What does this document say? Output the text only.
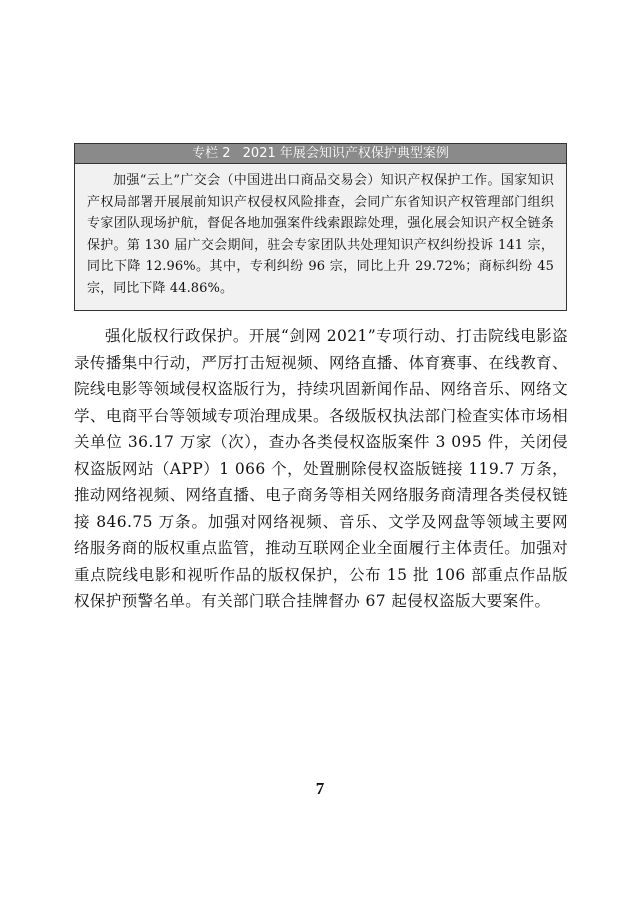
专栏 2 2021 年展会知识产权保护典型案例
加强“云上”广交会（中国进出口商品交易会）知识产权保护工作。国家知识产权局部署开展展前知识产权侵权风险排查，会同广东省知识产权管理部门组织专家团队现场护航，督促各地加强案件线索跟踪处理，强化展会知识产权全链条保护。第 130 届广交会期间，驻会专家团队共处理知识产权纠纷投诉 141 宗，同比下降 12.96%。其中，专利纠纷 96 宗，同比上升 29.72%；商标纠纷 45 宗，同比下降 44.86%。
强化版权行政保护。开展“剑网 2021”专项行动、打击院线电影盗录传播集中行动，严厉打击短视频、网络直播、体育赛事、在线教育、院线电影等领域侵权盗版行为，持续巩固新闻作品、网络音乐、网络文学、电商平台等领域专项治理成果。各级版权执法部门检查实体市场相关单位 36.17 万家（次），查办各类侵权盗版案件 3 095 件，关闭侵权盗版网站（APP）1 066 个，处置删除侵权盗版链接 119.7 万条，推动网络视频、网络直播、电子商务等相关网络服务商清理各类侵权链接 846.75 万条。加强对网络视频、音乐、文学及网盘等领域主要网络服务商的版权重点监管，推动互联网企业全面履行主体责任。加强对重点院线电影和视听作品的版权保护，公布 15 批 106 部重点作品版权保护预警名单。有关部门联合挂牌督办 67 起侵权盗版大要案件。
7
